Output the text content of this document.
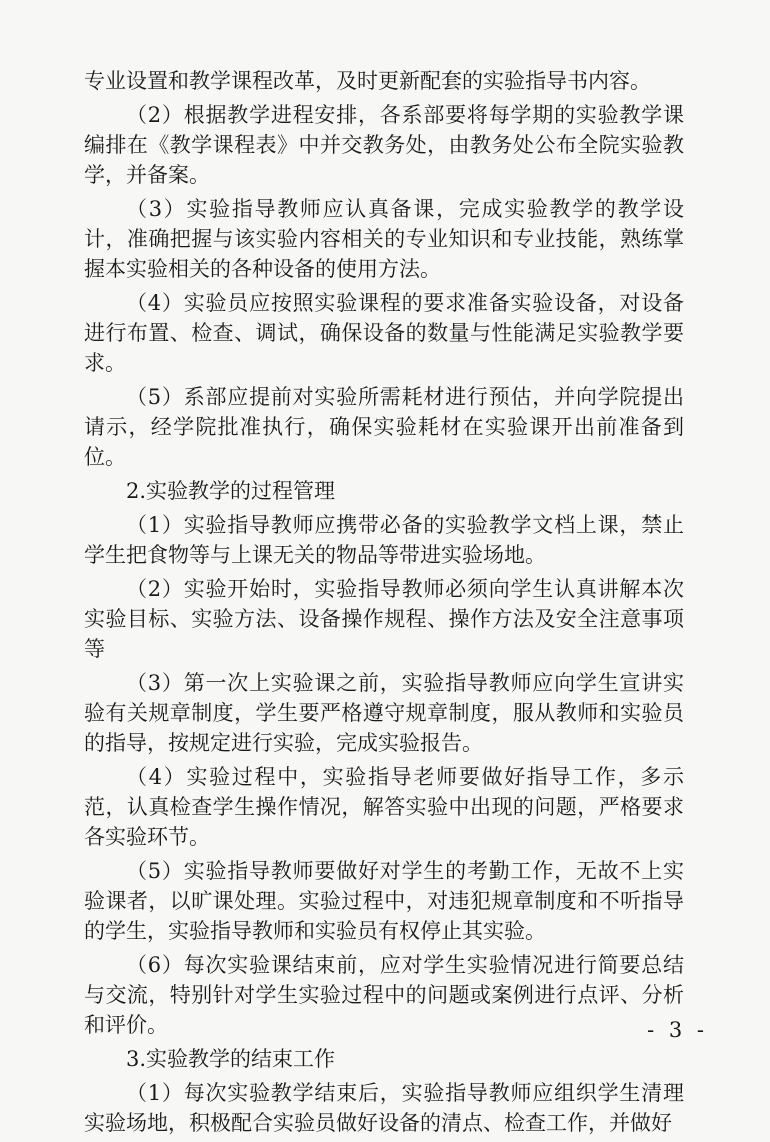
专业设置和教学课程改革，及时更新配套的实验指导书内容。

（2）根据教学进程安排，各系部要将每学期的实验教学课编排在《教学课程表》中并交教务处，由教务处公布全院实验教学，并备案。

（3）实验指导教师应认真备课，完成实验教学的教学设计，准确把握与该实验内容相关的专业知识和专业技能，熟练掌握本实验相关的各种设备的使用方法。

（4）实验员应按照实验课程的要求准备实验设备，对设备进行布置、检查、调试，确保设备的数量与性能满足实验教学要求。

（5）系部应提前对实验所需耗材进行预估，并向学院提出请示，经学院批准执行，确保实验耗材在实验课开出前准备到位。

2.实验教学的过程管理

（1）实验指导教师应携带必备的实验教学文档上课，禁止学生把食物等与上课无关的物品等带进实验场地。

（2）实验开始时，实验指导教师必须向学生认真讲解本次实验目标、实验方法、设备操作规程、操作方法及安全注意事项等

（3）第一次上实验课之前，实验指导教师应向学生宣讲实验有关规章制度，学生要严格遵守规章制度，服从教师和实验员的指导，按规定进行实验，完成实验报告。

（4）实验过程中，实验指导老师要做好指导工作，多示范，认真检查学生操作情况，解答实验中出现的问题，严格要求各实验环节。

（5）实验指导教师要做好对学生的考勤工作，无故不上实验课者，以旷课处理。实验过程中，对违犯规章制度和不听指导的学生，实验指导教师和实验员有权停止其实验。

（6）每次实验课结束前，应对学生实验情况进行简要总结与交流，特别针对学生实验过程中的问题或案例进行点评、分析和评价。

3.实验教学的结束工作

（1）每次实验教学结束后，实验指导教师应组织学生清理实验场地，积极配合实验员做好设备的清点、检查工作，并做好

- 3 -
